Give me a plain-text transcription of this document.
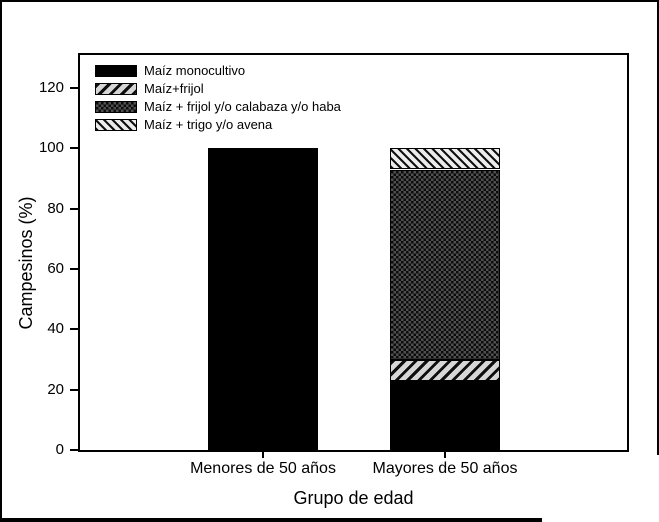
Maíz monocultivo
Maíz+frijol
Maíz + frijol y/o calabaza y/o haba
Maíz + trigo y/o avena
Campesinos (%)
Grupo de edad
0
20
40
60
80
100
120
Menores de 50 años	Mayores de 50 años
